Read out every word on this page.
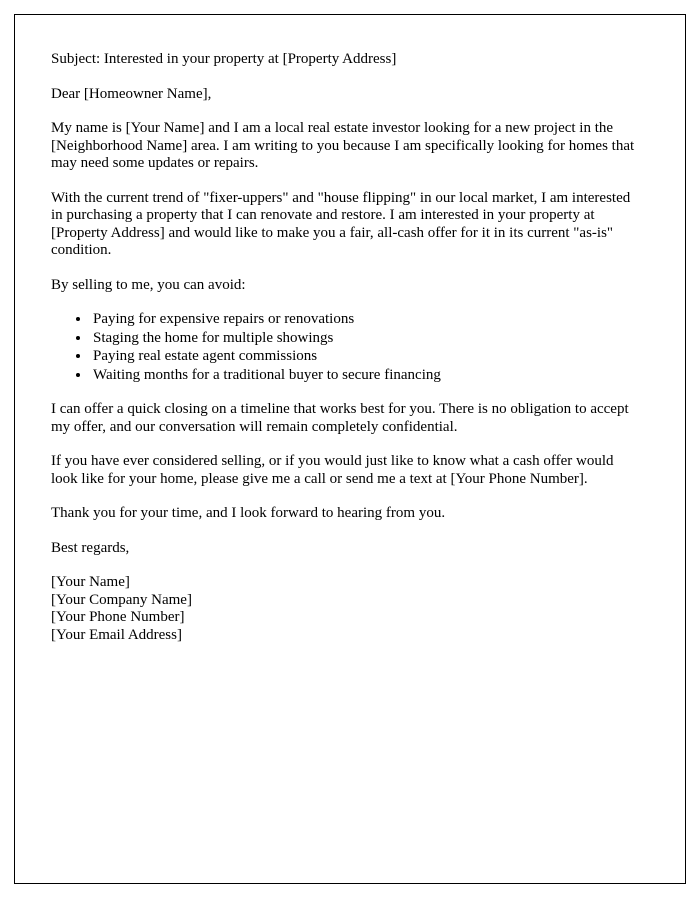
Subject: Interested in your property at [Property Address]

Dear [Homeowner Name],

My name is [Your Name] and I am a local real estate investor looking for a new project in the [Neighborhood Name] area. I am writing to you because I am specifically looking for homes that may need some updates or repairs.

With the current trend of "fixer-uppers" and "house flipping" in our local market, I am interested in purchasing a property that I can renovate and restore. I am interested in your property at [Property Address] and would like to make you a fair, all-cash offer for it in its current "as-is" condition.

By selling to me, you can avoid:

• Paying for expensive repairs or renovations
• Staging the home for multiple showings
• Paying real estate agent commissions
• Waiting months for a traditional buyer to secure financing

I can offer a quick closing on a timeline that works best for you. There is no obligation to accept my offer, and our conversation will remain completely confidential.

If you have ever considered selling, or if you would just like to know what a cash offer would look like for your home, please give me a call or send me a text at [Your Phone Number].

Thank you for your time, and I look forward to hearing from you.

Best regards,

[Your Name]

[Your Company Name]

[Your Phone Number]

[Your Email Address]
